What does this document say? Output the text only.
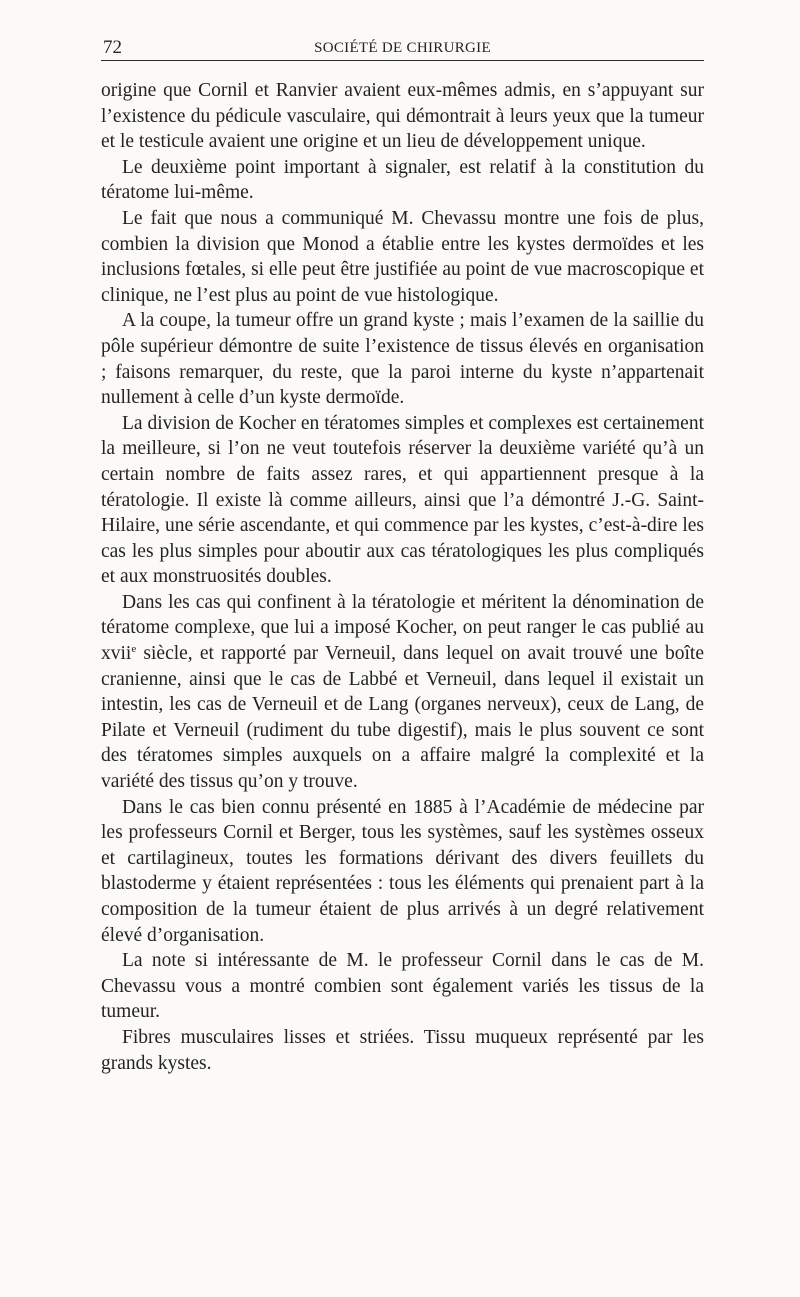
72	SOCIÉTÉ DE CHIRURGIE

origine que Cornil et Ranvier avaient eux-mêmes admis, en s’appuyant sur l’existence du pédicule vasculaire, qui démontrait à leurs yeux que la tumeur et le testicule avaient une origine et un lieu de développement unique.

Le deuxième point important à signaler, est relatif à la constitution du tératome lui-même.

Le fait que nous a communiqué M. Chevassu montre une fois de plus, combien la division que Monod a établie entre les kystes dermoïdes et les inclusions fœtales, si elle peut être justifiée au point de vue macroscopique et clinique, ne l’est plus au point de vue histologique.

A la coupe, la tumeur offre un grand kyste ; mais l’examen de la saillie du pôle supérieur démontre de suite l’existence de tissus élevés en organisation ; faisons remarquer, du reste, que la paroi interne du kyste n’appartenait nullement à celle d’un kyste dermoïde.

La division de Kocher en tératomes simples et complexes est certainement la meilleure, si l’on ne veut toutefois réserver la deuxième variété qu’à un certain nombre de faits assez rares, et qui appartiennent presque à la tératologie. Il existe là comme ailleurs, ainsi que l’a démontré J.-G. Saint-Hilaire, une série ascendante, et qui commence par les kystes, c’est-à-dire les cas les plus simples pour aboutir aux cas tératologiques les plus compliqués et aux monstruosités doubles.

Dans les cas qui confinent à la tératologie et méritent la dénomination de tératome complexe, que lui a imposé Kocher, on peut ranger le cas publié au xvii$^e$ siècle, et rapporté par Verneuil, dans lequel on avait trouvé une boîte cranienne, ainsi que le cas de Labbé et Verneuil, dans lequel il existait un intestin, les cas de Verneuil et de Lang (organes nerveux), ceux de Lang, de Pilate et Verneuil (rudiment du tube digestif), mais le plus souvent ce sont des tératomes simples auxquels on a affaire malgré la complexité et la variété des tissus qu’on y trouve.

Dans le cas bien connu présenté en 1885 à l’Académie de médecine par les professeurs Cornil et Berger, tous les systèmes, sauf les systèmes osseux et cartilagineux, toutes les formations dérivant des divers feuillets du blastoderme y étaient représentées : tous les éléments qui prenaient part à la composition de la tumeur étaient de plus arrivés à un degré relativement élevé d’organisation.

La note si intéressante de M. le professeur Cornil dans le cas de M. Chevassu vous a montré combien sont également variés les tissus de la tumeur.

Fibres musculaires lisses et striées. Tissu muqueux représenté par les grands kystes.
